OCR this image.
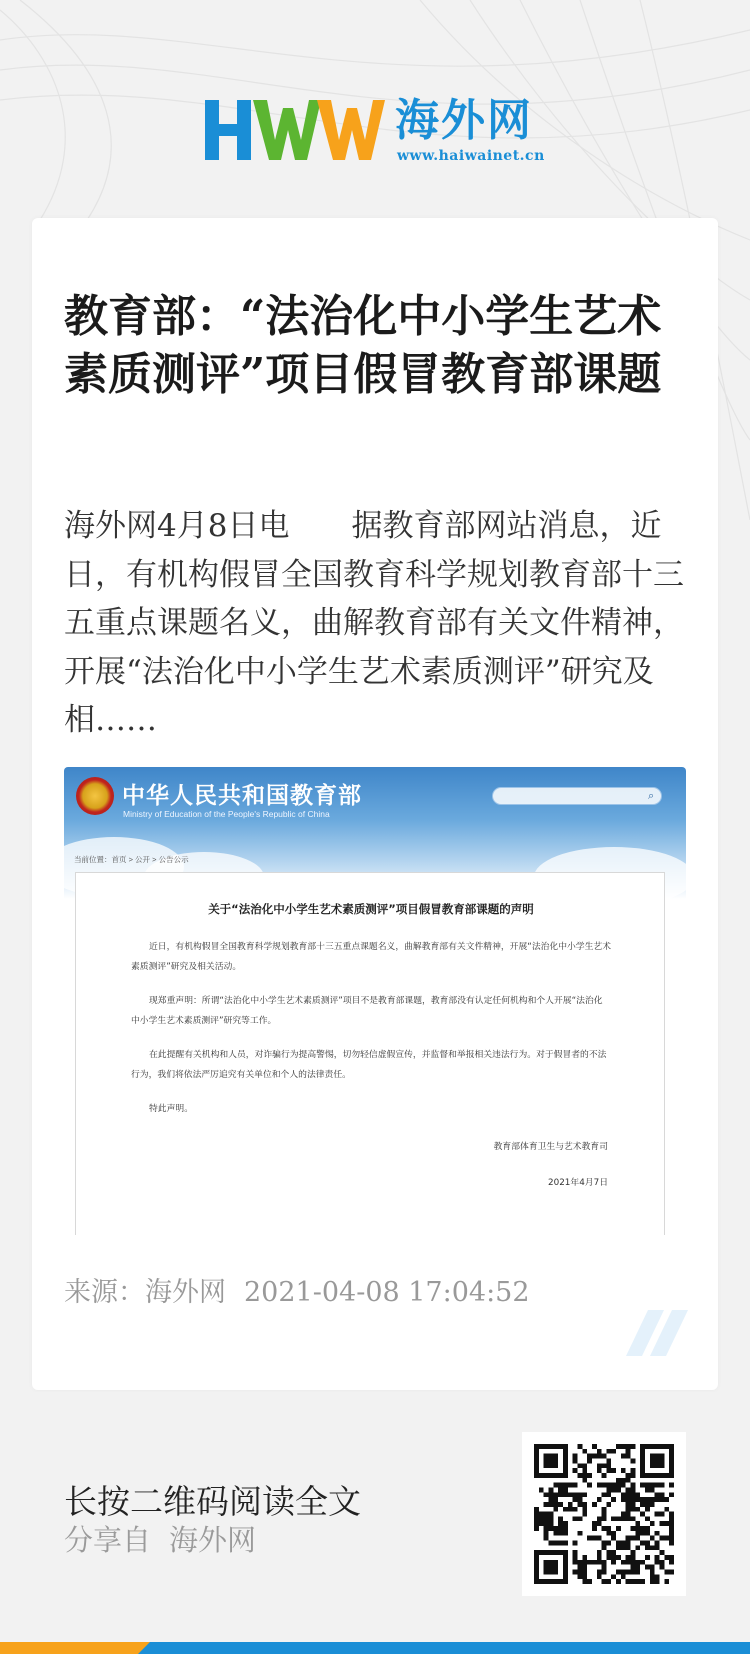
海外网
www.haiwainet.cn
教育部：“法治化中小学生艺术素质测评”项目假冒教育部课题

海外网4月8日电 据教育部网站消息，近日，有机构假冒全国教育科学规划教育部十三五重点课题名义，曲解教育部有关文件精神，开展“法治化中小学生艺术素质测评”研究及相……

中华人民共和国教育部
Ministry of Education of the People's Republic of China
⌕
当前位置：首页 > 公开 > 公告公示
关于“法治化中小学生艺术素质测评”项目假冒教育部课题的声明
近日，有机构假冒全国教育科学规划教育部十三五重点课题名义，曲解教育部有关文件精神，开展“法治化中小学生艺术素质测评”研究及相关活动。
现郑重声明：所谓“法治化中小学生艺术素质测评”项目不是教育部课题，教育部没有认定任何机构和个人开展“法治化中小学生艺术素质测评”研究等工作。
在此提醒有关机构和人员，对诈骗行为提高警惕，切勿轻信虚假宣传，并监督和举报相关违法行为。对于假冒者的不法行为，我们将依法严厉追究有关单位和个人的法律责任。
特此声明。
教育部体育卫生与艺术教育司
2021年4月7日
来源：海外网 2021-04-08 17:04:52
长按二维码阅读全文
分享自 海外网
